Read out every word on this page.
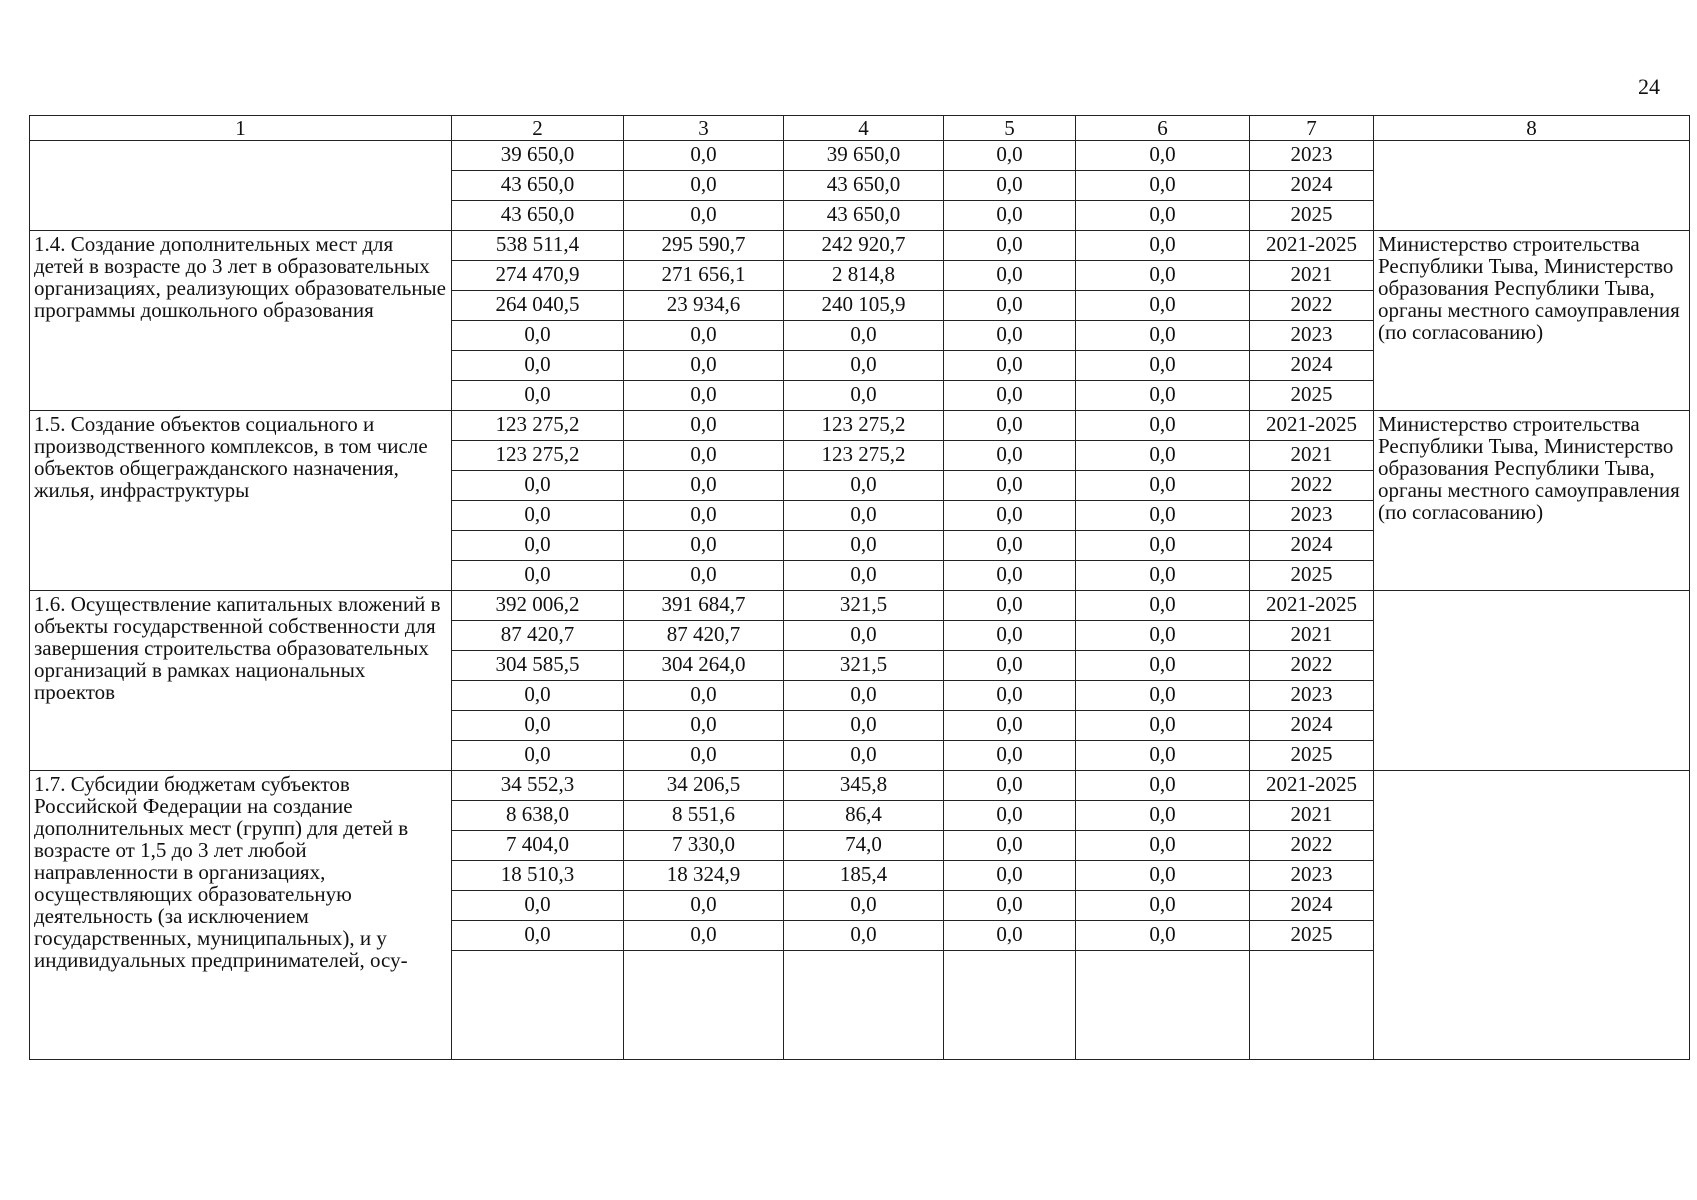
24
1	2	3	4	5	6	7	8
	39 650,0	0,0	39 650,0	0,0	0,0	2023	
	43 650,0	0,0	43 650,0	0,0	0,0	2024	
	43 650,0	0,0	43 650,0	0,0	0,0	2025	
1.4. Создание дополнительных мест для детей в возрасте до 3 лет в образовательных организациях, реализующих образовательные программы дошкольного образования	538 511,4	295 590,7	242 920,7	0,0	0,0	2021-2025	Министерство строительства Республики Тыва, Министерство образования Республики Тыва, органы местного самоуправления (по согласованию)
	274 470,9	271 656,1	2 814,8	0,0	0,0	2021	
	264 040,5	23 934,6	240 105,9	0,0	0,0	2022	
	0,0	0,0	0,0	0,0	0,0	2023	
	0,0	0,0	0,0	0,0	0,0	2024	
	0,0	0,0	0,0	0,0	0,0	2025	
1.5. Создание объектов социального и производственного комплексов, в том числе объектов общегражданского назначения, жилья, инфраструктуры	123 275,2	0,0	123 275,2	0,0	0,0	2021-2025	Министерство строительства Республики Тыва, Министерство образования Республики Тыва, органы местного самоуправления (по согласованию)
	123 275,2	0,0	123 275,2	0,0	0,0	2021	
	0,0	0,0	0,0	0,0	0,0	2022	
	0,0	0,0	0,0	0,0	0,0	2023	
	0,0	0,0	0,0	0,0	0,0	2024	
	0,0	0,0	0,0	0,0	0,0	2025	
1.6. Осуществление капитальных вложений в объекты государственной собственности для завершения строительства образовательных организаций в рамках национальных проектов	392 006,2	391 684,7	321,5	0,0	0,0	2021-2025	
	87 420,7	87 420,7	0,0	0,0	0,0	2021	
	304 585,5	304 264,0	321,5	0,0	0,0	2022	
	0,0	0,0	0,0	0,0	0,0	2023	
	0,0	0,0	0,0	0,0	0,0	2024	
	0,0	0,0	0,0	0,0	0,0	2025	
1.7. Субсидии бюджетам субъектов Российской Федерации на создание дополнительных мест (групп) для детей в возрасте от 1,5 до 3 лет любой направленности в организациях, осуществляющих образовательную деятельность (за исключением государственных, муниципальных), и у индивидуальных предпринимателей, осу-	34 552,3	34 206,5	345,8	0,0	0,0	2021-2025	
	8 638,0	8 551,6	86,4	0,0	0,0	2021	
	7 404,0	7 330,0	74,0	0,0	0,0	2022	
	18 510,3	18 324,9	185,4	0,0	0,0	2023	
	0,0	0,0	0,0	0,0	0,0	2024	
	0,0	0,0	0,0	0,0	0,0	2025	
